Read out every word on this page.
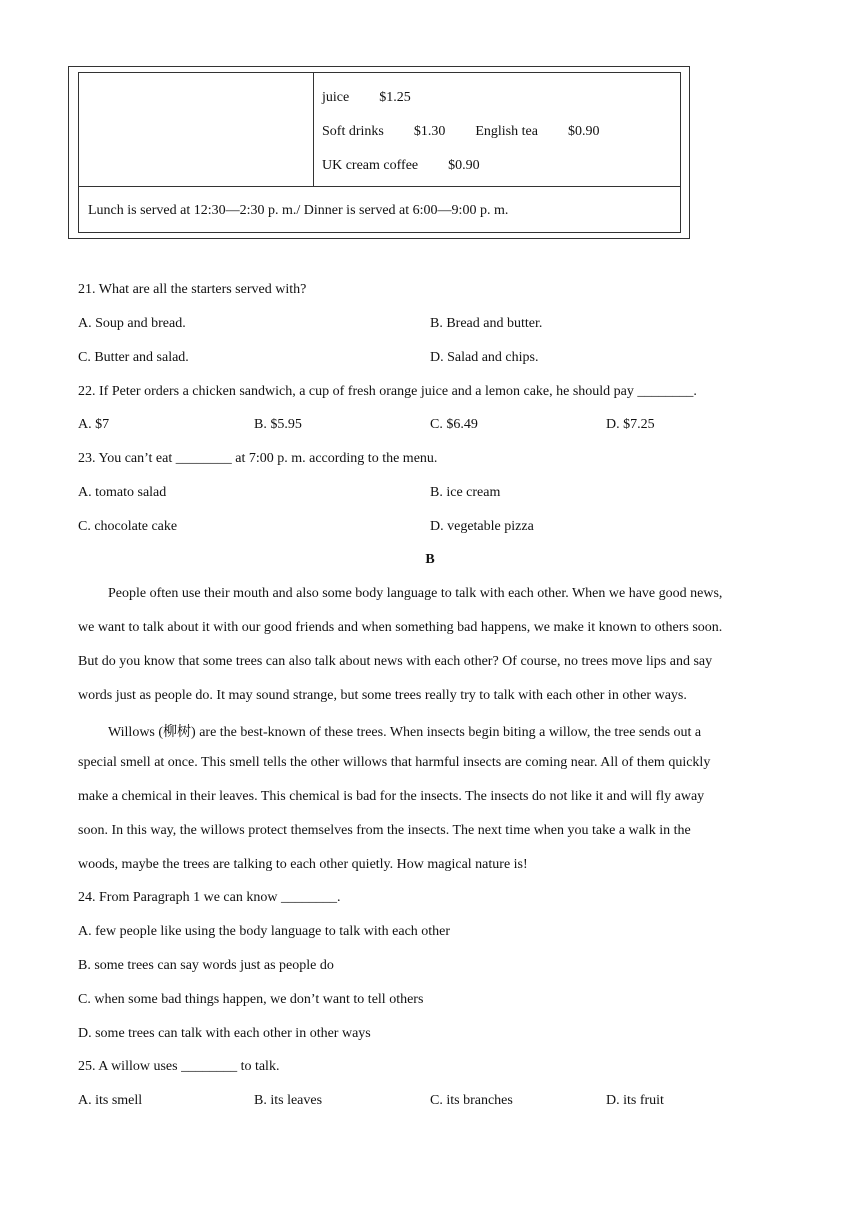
juice $1.25
Soft drinks $1.30 English tea $0.90
UK cream coffee $0.90
Lunch is served at 12:30—2:30 p. m./ Dinner is served at 6:00—9:00 p. m.
21. What are all the starters served with?
A. Soup and bread.	B. Bread and butter.
C. Butter and salad.	D. Salad and chips.
22. If Peter orders a chicken sandwich, a cup of fresh orange juice and a lemon cake, he should pay ________.
A. $7	B. $5.95	C. $6.49	D. $7.25
23. You can’t eat ________ at 7:00 p. m. according to the menu.
A. tomato salad	B. ice cream
C. chocolate cake	D. vegetable pizza
B
People often use their mouth and also some body language to talk with each other. When we have good news,
we want to talk about it with our good friends and when something bad happens, we make it known to others soon.
But do you know that some trees can also talk about news with each other? Of course, no trees move lips and say
words just as people do. It may sound strange, but some trees really try to talk with each other in other ways.
Willows (柳树) are the best-known of these trees. When insects begin biting a willow, the tree sends out a
special smell at once. This smell tells the other willows that harmful insects are coming near. All of them quickly
make a chemical in their leaves. This chemical is bad for the insects. The insects do not like it and will fly away
soon. In this way, the willows protect themselves from the insects. The next time when you take a walk in the
woods, maybe the trees are talking to each other quietly. How magical nature is!
24. From Paragraph 1 we can know ________.
A. few people like using the body language to talk with each other
B. some trees can say words just as people do
C. when some bad things happen, we don’t want to tell others
D. some trees can talk with each other in other ways
25. A willow uses ________ to talk.
A. its smell	B. its leaves	C. its branches	D. its fruit
